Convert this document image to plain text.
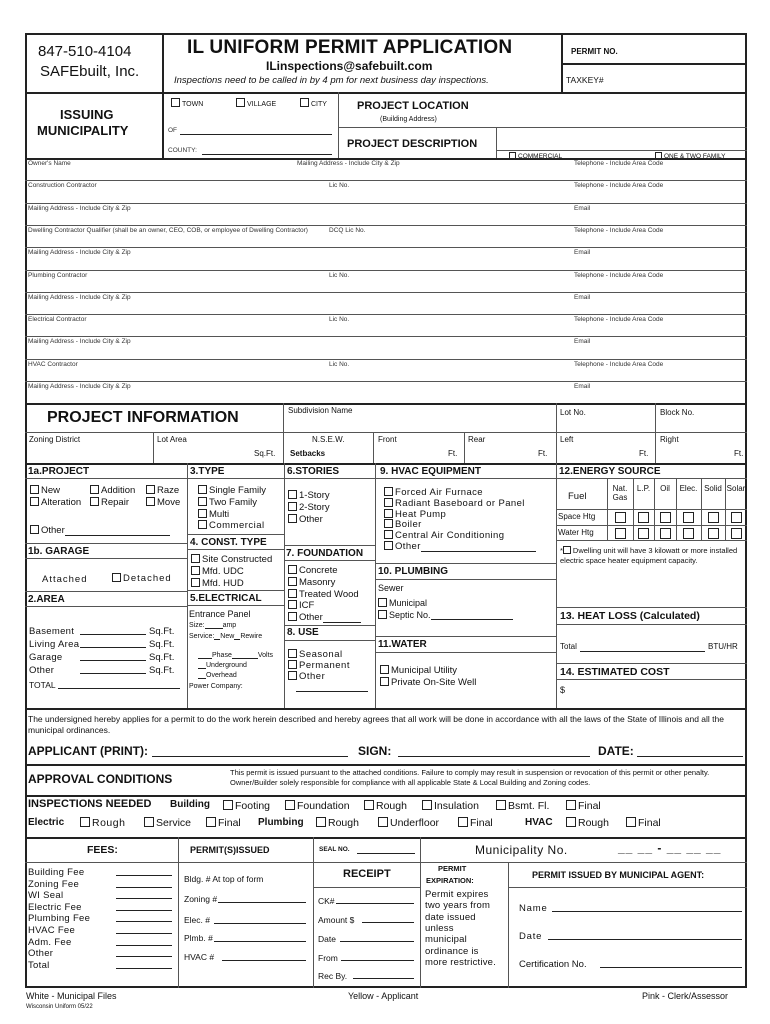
847-510-4104
SAFEbuilt, Inc.
IL UNIFORM PERMIT APPLICATION
ILinspections@safebuilt.com
Inspections need to be called in by 4 pm for next business day inspections.
PERMIT NO.
TAXKEY#
ISSUING
MUNICIPALITY
TOWN	VILLAGE	CITY
OF
COUNTY:
PROJECT LOCATION
(Building Address)
PROJECT DESCRIPTION
COMMERCIAL	ONE & TWO FAMILY
Owner's Name	Mailing Address - Include City & Zip	Telephone - Include Area Code
Construction Contractor	Lic No.	Telephone - Include Area Code
Mailing Address - Include City & Zip	Email
Dwelling Contractor Qualifier (shall be an owner, CEO, COB, or employee of Dwelling Contractor)	DCQ Lic No.	Telephone - Include Area Code
Mailing Address - Include City & Zip	Email
Plumbing Contractor	Lic No.	Telephone - Include Area Code
Mailing Address - Include City & Zip	Email
Electrical Contractor	Lic No.	Telephone - Include Area Code
Mailing Address - Include City & Zip	Email
HVAC Contractor	Lic No.	Telephone - Include Area Code
Mailing Address - Include City & Zip	Email
PROJECT INFORMATION	Subdivision Name	Lot No.	Block No.
Zoning District	Lot Area
Sq.Ft.
N.S.E.W.
Setbacks
Front
Ft.
Rear
Ft.
Left
Ft.
Right
Ft.
1a.PROJECT
New	Addition	Raze
Alteration	Repair	Move
Other
1b. GARAGE
Attached	Detached
2.AREA
Basement	Sq.Ft.
Living Area	Sq.Ft.
Garage	Sq.Ft.
Other	Sq.Ft.
TOTAL
3.TYPE
Single Family
Two Family
Multi
Commercial
4. CONST. TYPE
Site Constructed
Mfd. UDC
Mfd. HUD
5.ELECTRICAL
Entrance Panel
Size:	amp
Service: New Rewire
Phase	Volts
Underground
Overhead
Power Company:
6.STORIES
1-Story
2-Story
Other
7. FOUNDATION
Concrete
Masonry
Treated Wood
ICF
Other
8. USE
Seasonal
Permanent
Other
9. HVAC EQUIPMENT
Forced Air Furnace
Radiant Baseboard or Panel
Heat Pump
Boiler
Central Air Conditioning
Other
10. PLUMBING
Sewer
Municipal
Septic No.
11.WATER
Municipal Utility
Private On-Site Well
12.ENERGY SOURCE
Fuel
Nat. Gas
L.P.	Oil	Elec. Solid Solar
Space Htg
Water Htg
* Dwelling unit will have 3 kilowatt or more installed electric space heater equipment capacity.
13. HEAT LOSS (Calculated)
Total	BTU/HR
14. ESTIMATED COST
$
The undersigned hereby applies for a permit to do the work herein described and hereby agrees that all work will be done in accordance with all the laws of the State of Illinois and all the municipal ordinances.
APPLICANT (PRINT):	SIGN:	DATE:
APPROVAL CONDITIONS	This permit is issued pursuant to the attached conditions. Failure to comply may result in suspension or revocation of this permit or other penalty. Owner/Builder solely responsible for compliance with all applicable State & Local Building and Zoning codes.
INSPECTIONS NEEDED Building	Footing	Foundation	Rough	Insulation	Bsmt. Fl.	Final
Electric	Rough	Service	Final Plumbing	Rough	Underfloor	Final	HVAC	Rough	Final
FEES:
Building Fee
Zoning Fee
WI Seal
Electric Fee
Plumbing Fee
HVAC Fee
Adm. Fee
Other
Total
PERMIT(S)ISSUED
Bldg. # At top of form
Zoning #
Elec. #
Plmb. #
HVAC #
SEAL NO.	Municipality No.	__ __ - __ __ __
RECEIPT
CK#
Amount $
Date
From
Rec By.
PERMIT
EXPIRATION:
Permit expires
two years from
date issued
unless
municipal
ordinance is
more restrictive.
PERMIT ISSUED BY MUNICIPAL AGENT:
Name
Date
Certification No.
White - Municipal Files
Wisconsin Uniform 05/22
Yellow - Applicant	Pink - Clerk/Assessor
